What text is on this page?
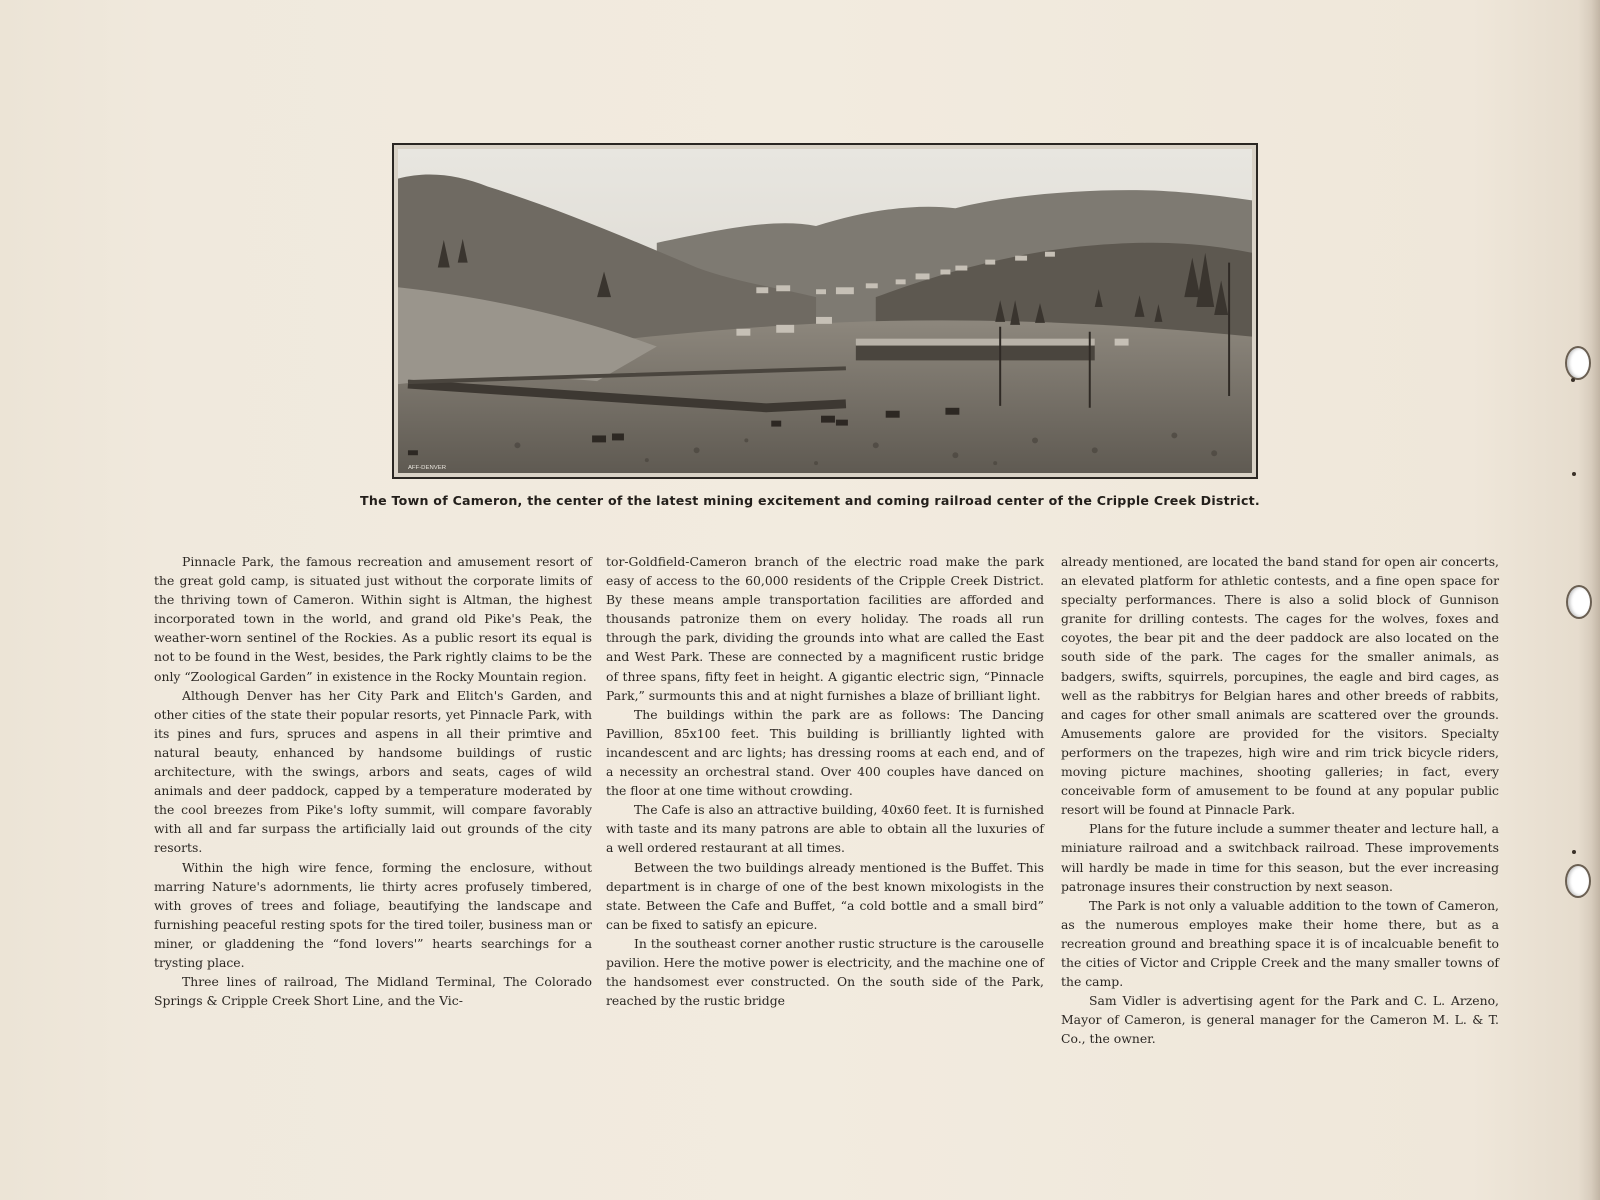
AFF-DENVER
The Town of Cameron, the center of the latest mining excitement and coming railroad center of the Cripple Creek District.

Pinnacle Park, the famous recreation and amusement resort of the great gold camp, is situated just without the corporate limits of the thriving town of Cameron. Within sight is Altman, the highest incorporated town in the world, and grand old Pike's Peak, the weather-worn sentinel of the Rockies. As a public resort its equal is not to be found in the West, besides, the Park rightly claims to be the only “Zoological Garden” in existence in the Rocky Mountain region.

Although Denver has her City Park and Elitch's Garden, and other cities of the state their popular resorts, yet Pinnacle Park, with its pines and furs, spruces and aspens in all their primtive and natural beauty, enhanced by handsome buildings of rustic architecture, with the swings, arbors and seats, cages of wild animals and deer paddock, capped by a temperature moderated by the cool breezes from Pike's lofty summit, will compare favorably with all and far surpass the artificially laid out grounds of the city resorts.

Within the high wire fence, forming the enclosure, without marring Nature's adornments, lie thirty acres profusely timbered, with groves of trees and foliage, beautifying the landscape and furnishing peaceful resting spots for the tired toiler, business man or miner, or gladdening the “fond lovers'” hearts searchings for a trysting place.

Three lines of railroad, The Midland Terminal, The Colorado Springs & Cripple Creek Short Line, and the Vic-

tor-Goldfield-Cameron branch of the electric road make the park easy of access to the 60,000 residents of the Cripple Creek District. By these means ample transportation facilities are afforded and thousands patronize them on every holiday. The roads all run through the park, dividing the grounds into what are called the East and West Park. These are connected by a magnificent rustic bridge of three spans, fifty feet in height. A gigantic electric sign, “Pinnacle Park,” surmounts this and at night furnishes a blaze of brilliant light.

The buildings within the park are as follows: The Dancing Pavillion, 85x100 feet. This building is brilliantly lighted with incandescent and arc lights; has dressing rooms at each end, and of a necessity an orchestral stand. Over 400 couples have danced on the floor at one time without crowding.

The Cafe is also an attractive building, 40x60 feet. It is furnished with taste and its many patrons are able to obtain all the luxuries of a well ordered restaurant at all times.

Between the two buildings already mentioned is the Buffet. This department is in charge of one of the best known mixologists in the state. Between the Cafe and Buffet, “a cold bottle and a small bird” can be fixed to satisfy an epicure.

In the southeast corner another rustic structure is the carouselle pavilion. Here the motive power is electricity, and the machine one of the handsomest ever constructed. On the south side of the Park, reached by the rustic bridge

already mentioned, are located the band stand for open air concerts, an elevated platform for athletic contests, and a fine open space for specialty performances. There is also a solid block of Gunnison granite for drilling contests. The cages for the wolves, foxes and coyotes, the bear pit and the deer paddock are also located on the south side of the park. The cages for the smaller animals, as badgers, swifts, squirrels, porcupines, the eagle and bird cages, as well as the rabbitrys for Belgian hares and other breeds of rabbits, and cages for other small animals are scattered over the grounds. Amusements galore are provided for the visitors. Specialty performers on the trapezes, high wire and rim trick bicycle riders, moving picture machines, shooting galleries; in fact, every conceivable form of amusement to be found at any popular public resort will be found at Pinnacle Park.

Plans for the future include a summer theater and lecture hall, a miniature railroad and a switchback railroad. These improvements will hardly be made in time for this season, but the ever increasing patronage insures their construction by next season.

The Park is not only a valuable addition to the town of Cameron, as the numerous employes make their home there, but as a recreation ground and breathing space it is of incalcuable benefit to the cities of Victor and Cripple Creek and the many smaller towns of the camp.

Sam Vidler is advertising agent for the Park and C. L. Arzeno, Mayor of Cameron, is general manager for the Cameron M. L. & T. Co., the owner.
